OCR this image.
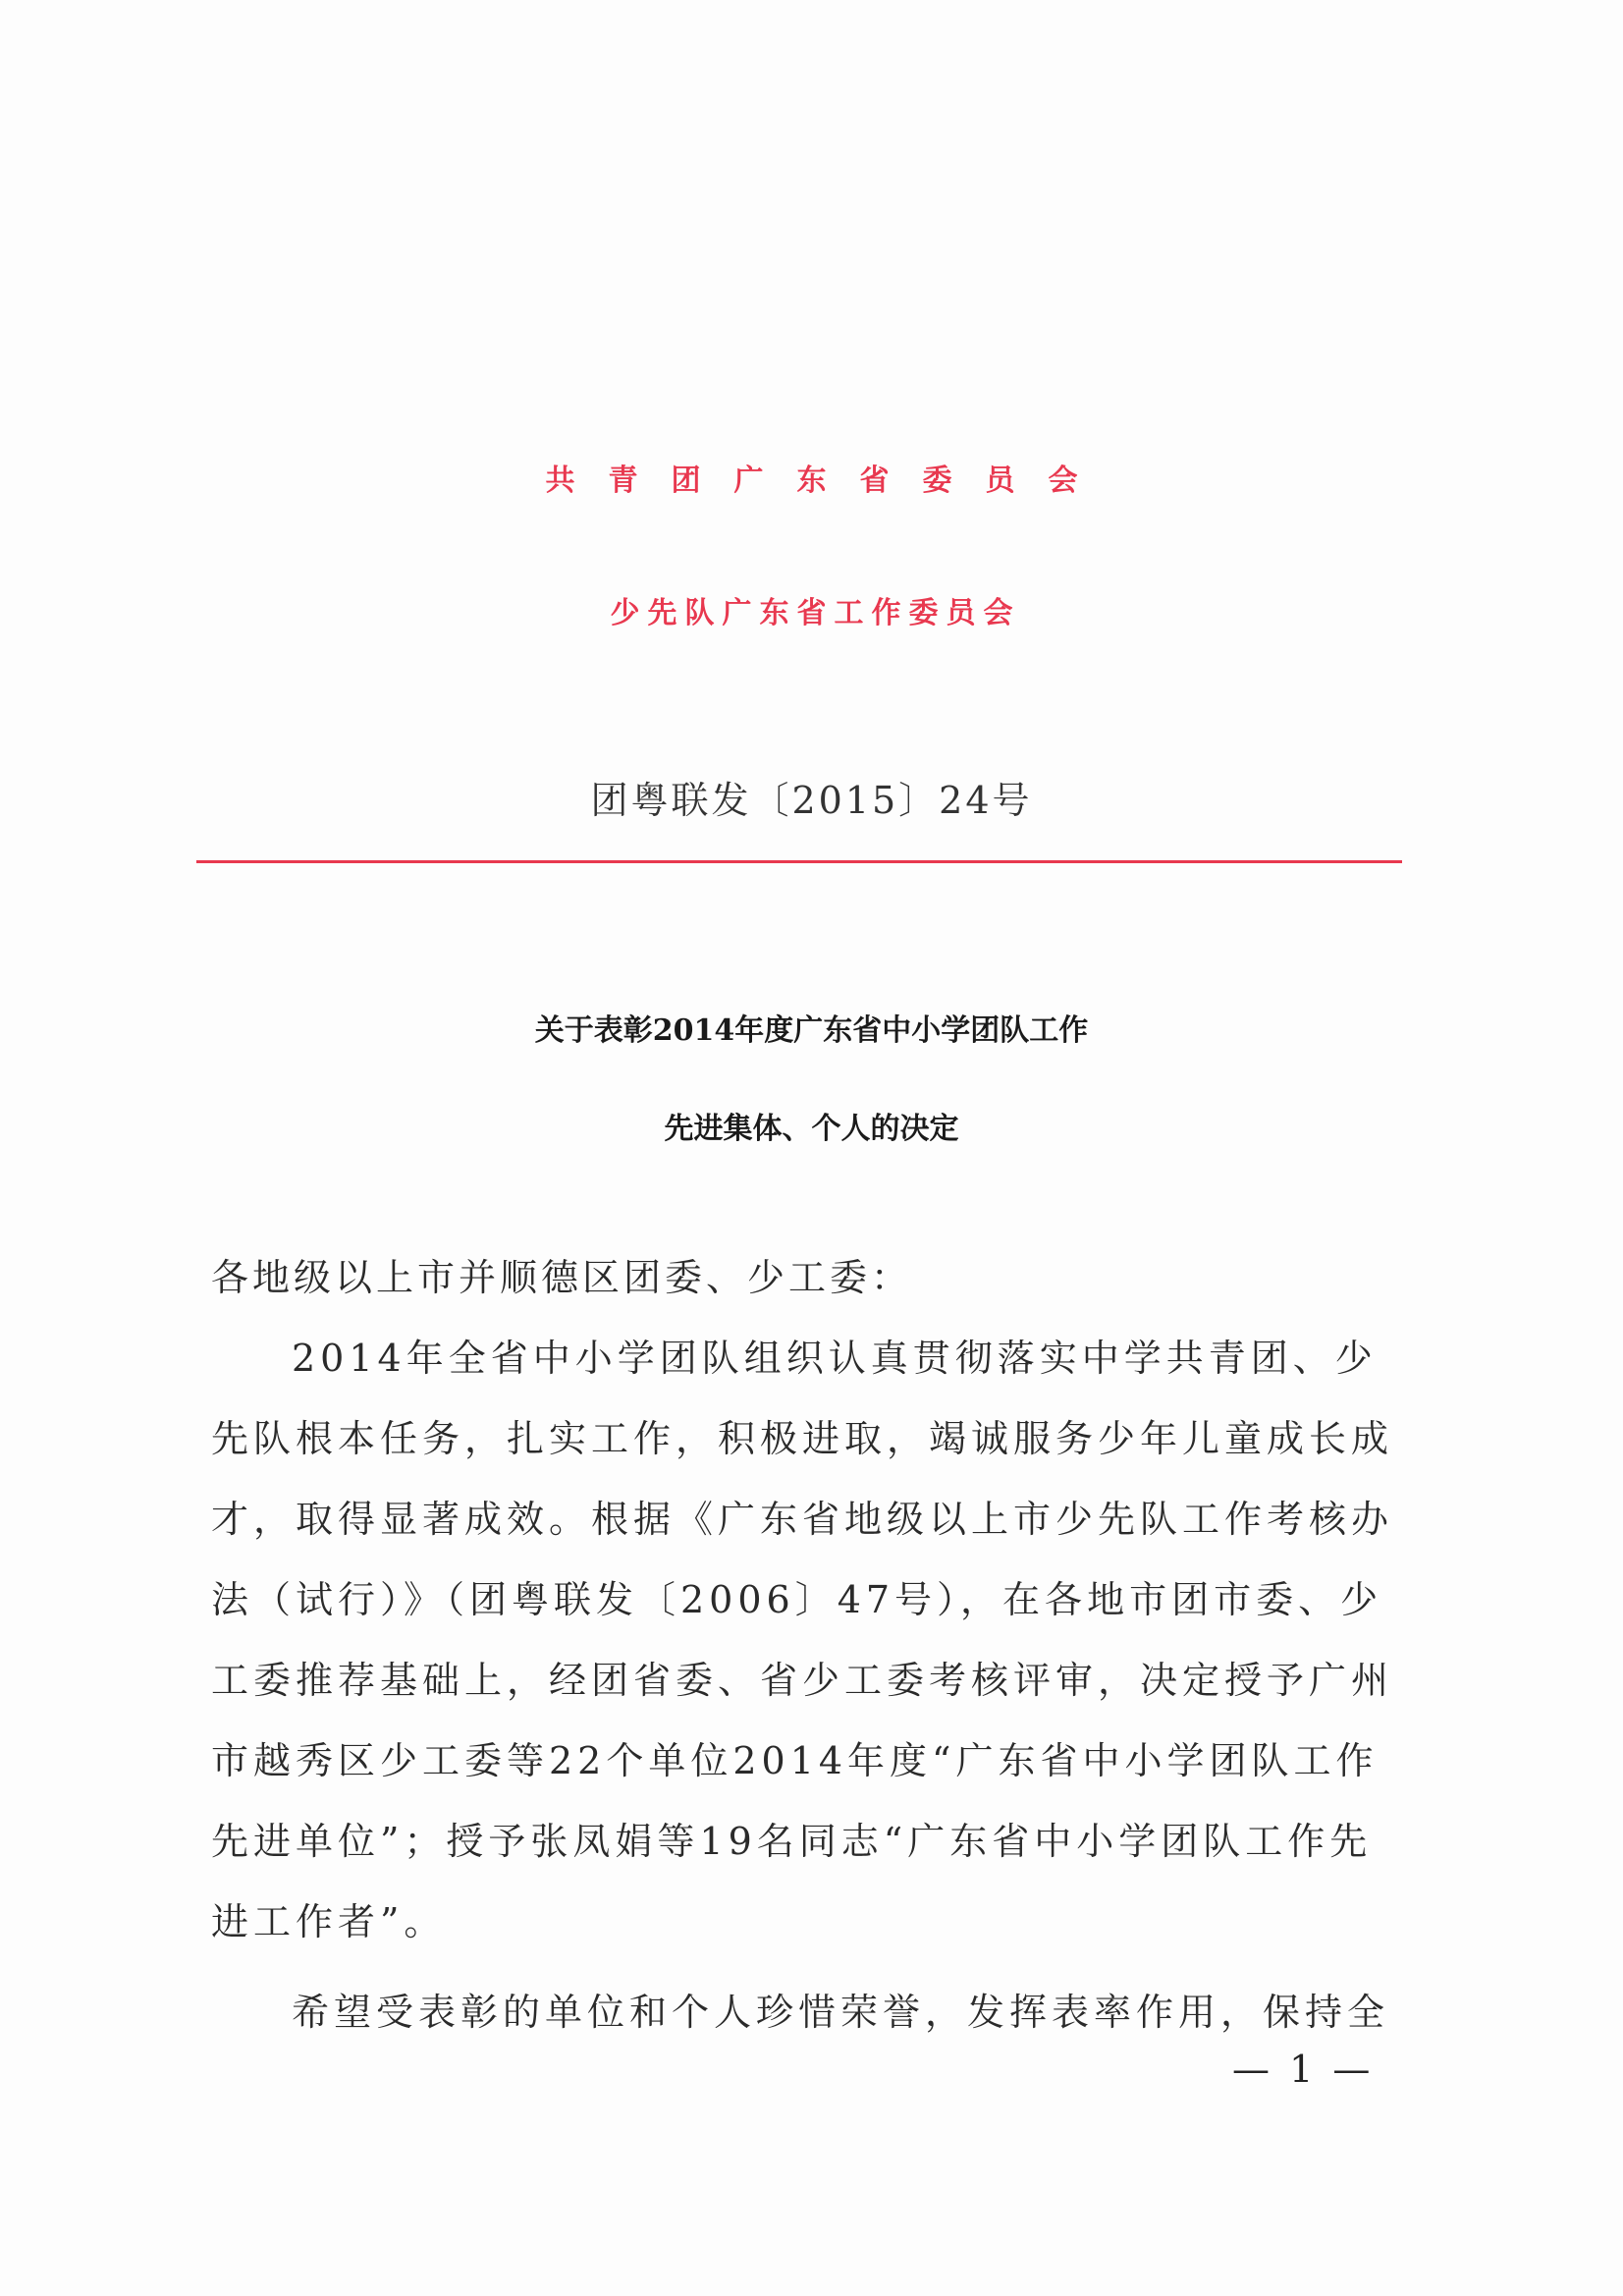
共青团广东省委员会
少先队广东省工作委员会
团粤联发〔2015〕24号
关于表彰2014年度广东省中小学团队工作
先进集体、个人的决定
各地级以上市并顺德区团委、少工委：
2014年全省中小学团队组织认真贯彻落实中学共青团、少
先队根本任务，扎实工作，积极进取，竭诚服务少年儿童成长成
才，取得显著成效。根据《广东省地级以上市少先队工作考核办
法（试行）》（团粤联发〔2006〕47号），在各地市团市委、少
工委推荐基础上，经团省委、省少工委考核评审，决定授予广州
市越秀区少工委等22个单位2014年度“广东省中小学团队工作
先进单位”；授予张凤娟等19名同志“广东省中小学团队工作先
进工作者”。
希望受表彰的单位和个人珍惜荣誉，发挥表率作用，保持全
— 1 —
